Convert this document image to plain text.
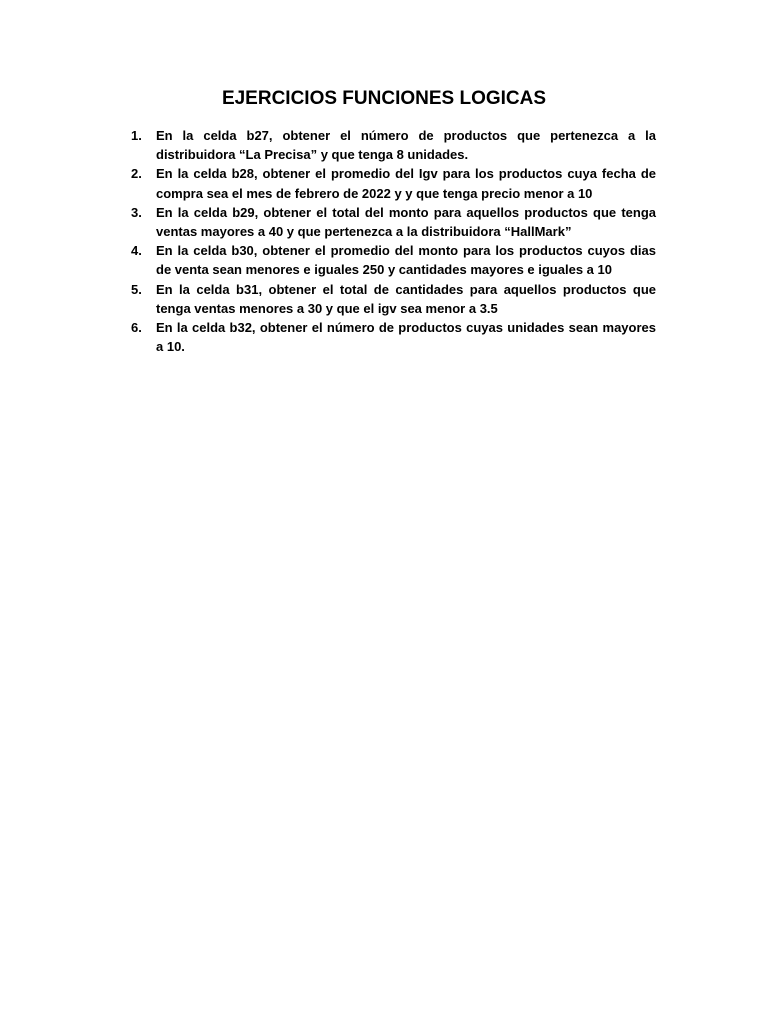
EJERCICIOS FUNCIONES LOGICAS
1.	En la celda b27, obtener el número de productos que pertenezca a la distribuidora “La Precisa” y que tenga 8 unidades.
2.	En la celda b28, obtener el promedio del Igv para los productos cuya fecha de compra sea el mes de febrero de 2022 y y que tenga precio menor a 10
3.	En la celda b29, obtener el total del monto para aquellos productos que tenga ventas mayores a 40 y que pertenezca a la distribuidora “HallMark”
4.	En la celda b30, obtener el promedio del monto para los productos cuyos dias de venta sean menores e iguales 250 y cantidades mayores e iguales a 10
5.	En la celda b31, obtener el total de cantidades para aquellos productos que tenga ventas menores a 30 y que el igv sea menor a 3.5
6.	En la celda b32, obtener el número de productos cuyas unidades sean mayores a 10.
